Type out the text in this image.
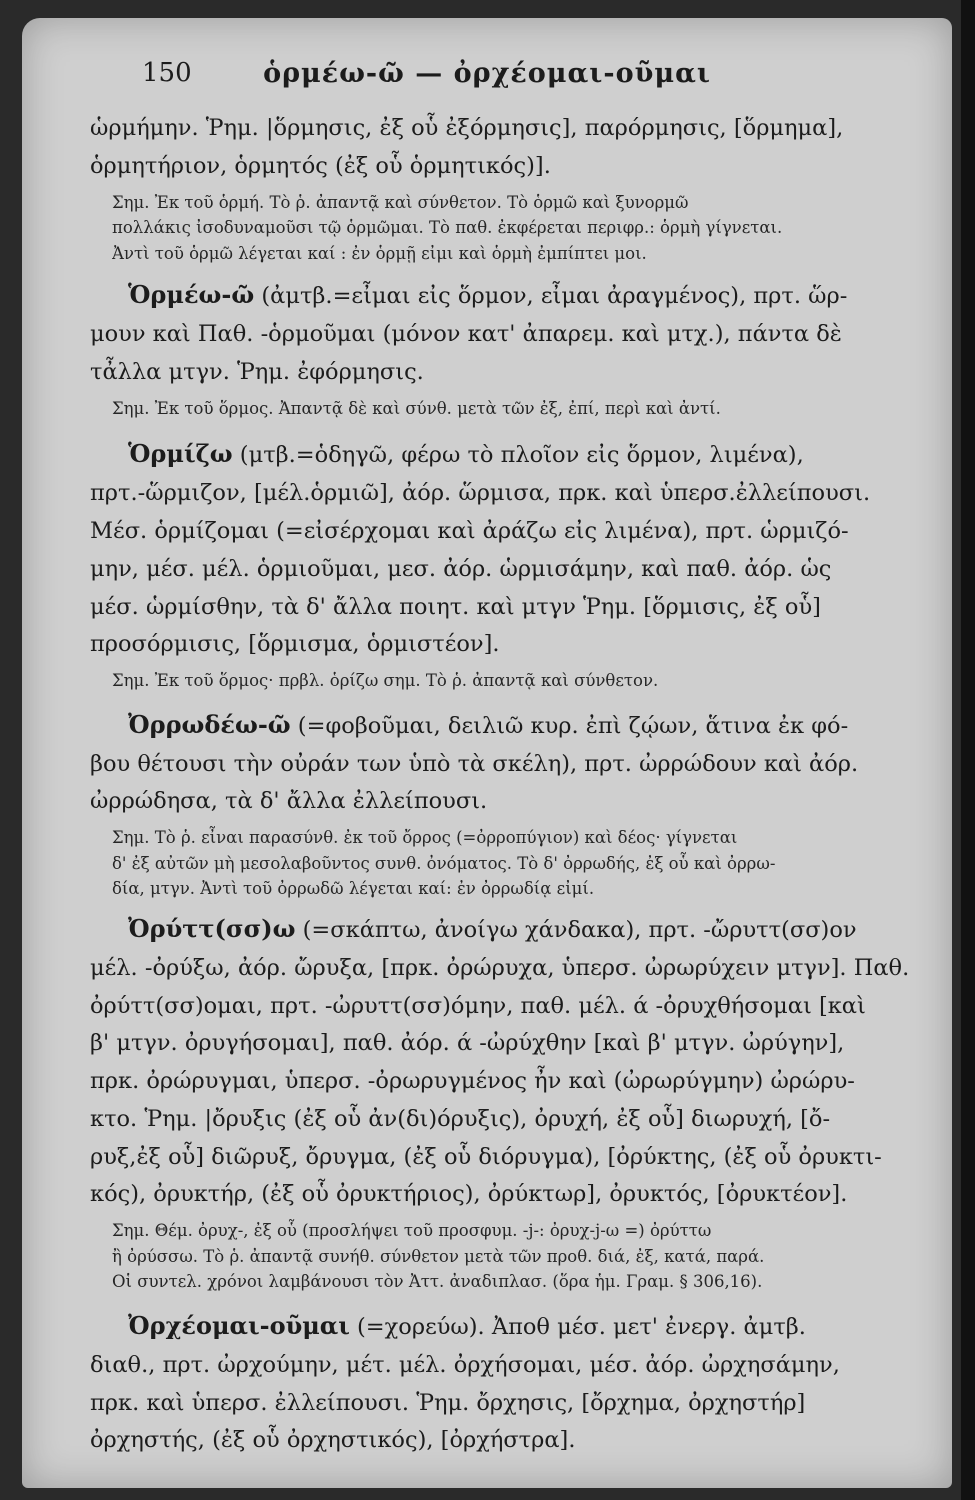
150	ὁρμέω-ῶ — ὀρχέομαι-οῦμαι
ὡρμήμην. Ῥημ. |ὅρμησις, ἐξ οὗ ἐξόρμησις], παρόρμησις, [ὅρμημα],
ὁρμητήριον, ὁρμητός (ἐξ οὗ ὁρμητικός)].
Σημ. Ἐκ τοῦ ὁρμή. Τὸ ῥ. ἀπαντᾷ καὶ σύνθετον. Τὸ ὁρμῶ καὶ ξυνορμῶ
πολλάκις ἰσοδυναμοῦσι τῷ ὁρμῶμαι. Τὸ παθ. ἐκφέρεται περιφρ.: ὁρμὴ γίγνεται.
Ἀντὶ τοῦ ὁρμῶ λέγεται καί : ἐν ὁρμῇ εἰμι καὶ ὁρμὴ ἐμπίπτει μοι.
Ὁρμέω-ῶ (ἀμτβ.=εἶμαι εἰς ὅρμον, εἶμαι ἀραγμένος), πρτ. ὥρ-
μουν καὶ Παθ. -ὁρμοῦμαι (μόνον κατ' ἀπαρεμ. καὶ μτχ.), πάντα δὲ
τἆλλα μτγν. Ῥημ. ἐφόρμησις.
Σημ. Ἐκ τοῦ ὅρμος. Ἀπαντᾷ δὲ καὶ σύνθ. μετὰ τῶν ἐξ, ἐπί, περὶ καὶ ἀντί.
Ὁρμίζω (μτβ.=ὁδηγῶ, φέρω τὸ πλοῖον εἰς ὅρμον, λιμένα),
πρτ.-ὥρμιζον, [μέλ.ὁρμιῶ], ἀόρ. ὥρμισα, πρκ. καὶ ὑπερσ.ἐλλείπουσι.
Μέσ. ὁρμίζομαι (=εἰσέρχομαι καὶ ἀράζω εἰς λιμένα), πρτ. ὡρμιζό-
μην, μέσ. μέλ. ὁρμιοῦμαι, μεσ. ἀόρ. ὡρμισάμην, καὶ παθ. ἀόρ. ὡς
μέσ. ὡρμίσθην, τὰ δ' ἄλλα ποιητ. καὶ μτγν Ῥημ. [ὅρμισις, ἐξ οὗ]
προσόρμισις, [ὅρμισμα, ὁρμιστέον].
Σημ. Ἐκ τοῦ ὅρμος· πρβλ. ὁρίζω σημ. Τὸ ῥ. ἀπαντᾷ καὶ σύνθετον.
Ὀρρωδέω-ῶ (=φοβοῦμαι, δειλιῶ κυρ. ἐπὶ ζῴων, ἅτινα ἐκ φό-
βου θέτουσι τὴν οὐράν των ὑπὸ τὰ σκέλη), πρτ. ὠρρώδουν καὶ ἀόρ.
ὠρρώδησα, τὰ δ' ἄλλα ἐλλείπουσι.
Σημ. Τὸ ῥ. εἶναι παρασύνθ. ἐκ τοῦ ὄρρος (=ὀρροπύγιον) καὶ δέος· γίγνεται
δ' ἐξ αὐτῶν μὴ μεσολαβοῦντος συνθ. ὀνόματος. Τὸ δ' ὀρρωδής, ἐξ οὗ καὶ ὀρρω-
δία, μτγν. Ἀντὶ τοῦ ὀρρωδῶ λέγεται καί: ἐν ὀρρωδίᾳ εἰμί.
Ὀρύττ(σσ)ω (=σκάπτω, ἀνοίγω χάνδακα), πρτ. -ὤρυττ(σσ)ον
μέλ. -ὀρύξω, ἀόρ. ὤρυξα, [πρκ. ὀρώρυχα, ὑπερσ. ὠρωρύχειν μτγν]. Παθ.
ὀρύττ(σσ)ομαι, πρτ. -ὠρυττ(σσ)όμην, παθ. μέλ. ά -ὀρυχθήσομαι [καὶ
β' μτγν. ὀρυγήσομαι], παθ. ἀόρ. ά -ὠρύχθην [καὶ β' μτγν. ὠρύγην],
πρκ. ὀρώρυγμαι, ὑπερσ. -ὀρωρυγμένος ἦν καὶ (ὠρωρύγμην) ὠρώρυ-
κτο. Ῥημ. |ὄρυξις (ἐξ οὗ ἀν(δι)όρυξις), ὀρυχή, ἐξ οὗ] διωρυχή, [ὄ-
ρυξ,ἐξ οὗ] διῶρυξ, ὄρυγμα, (ἐξ οὗ διόρυγμα), [ὀρύκτης, (ἐξ οὗ ὀρυκτι-
κός), ὀρυκτήρ, (ἐξ οὗ ὀρυκτήριος), ὀρύκτωρ], ὀρυκτός, [ὀρυκτέον].
Σημ. Θέμ. ὀρυχ-, ἐξ οὗ (προσλήψει τοῦ προσφυμ. -j-: ὀρυχ-j-ω =) ὀρύττω
ἢ ὀρύσσω. Τὸ ῥ. ἀπαντᾷ συνήθ. σύνθετον μετὰ τῶν προθ. διά, ἐξ, κατά, παρά.
Οἱ συντελ. χρόνοι λαμβάνουσι τὸν Ἀττ. ἀναδιπλασ. (ὅρα ἡμ. Γραμ. § 306,16).
Ὀρχέομαι-οῦμαι (=χορεύω). Ἀποθ μέσ. μετ' ἐνεργ. ἀμτβ.
διαθ., πρτ. ὠρχούμην, μέτ. μέλ. ὀρχήσομαι, μέσ. ἀόρ. ὠρχησάμην,
πρκ. καὶ ὑπερσ. ἐλλείπουσι. Ῥημ. ὄρχησις, [ὄρχημα, ὀρχηστήρ]
ὀρχηστής, (ἐξ οὗ ὀρχηστικός), [ὀρχήστρα].
